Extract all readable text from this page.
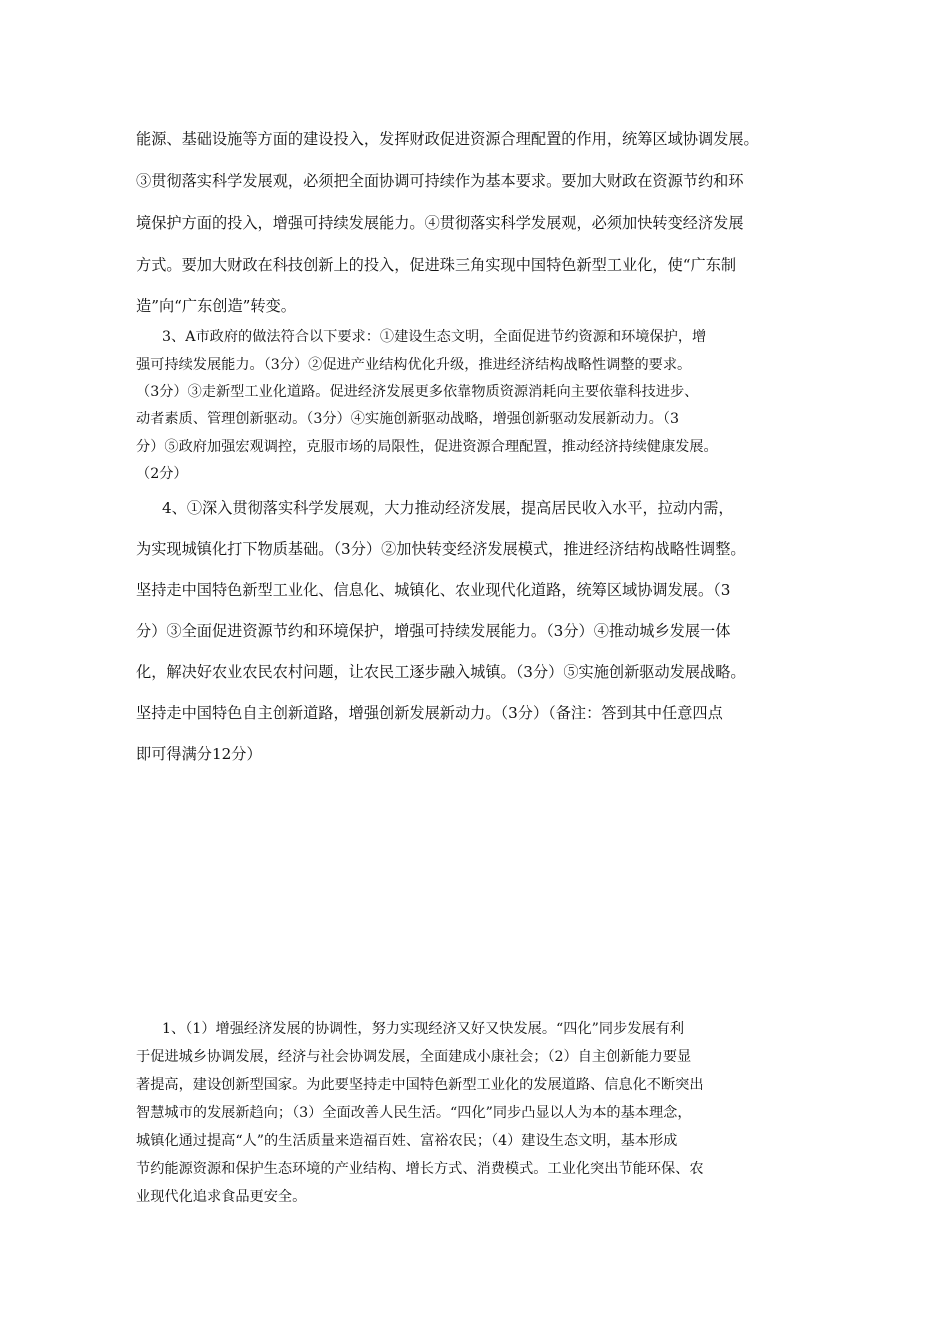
能源、基础设施等方面的建设投入，发挥财政促进资源合理配置的作用，统筹区域协调发展。
③贯彻落实科学发展观，必须把全面协调可持续作为基本要求。要加大财政在资源节约和环
境保护方面的投入，增强可持续发展能力。④贯彻落实科学发展观，必须加快转变经济发展
方式。要加大财政在科技创新上的投入，促进珠三角实现中国特色新型工业化，使“广东制
造”向“广东创造”转变。
3、A市政府的做法符合以下要求：①建设生态文明，全面促进节约资源和环境保护，增
强可持续发展能力。（3分）②促进产业结构优化升级，推进经济结构战略性调整的要求。
（3分）③走新型工业化道路。促进经济发展更多依靠物质资源消耗向主要依靠科技进步、
动者素质、管理创新驱动。（3分）④实施创新驱动战略，增强创新驱动发展新动力。（3
分）⑤政府加强宏观调控，克服市场的局限性，促进资源合理配置，推动经济持续健康发展。
（2分）
4、①深入贯彻落实科学发展观，大力推动经济发展，提高居民收入水平，拉动内需，
为实现城镇化打下物质基础。（3分）②加快转变经济发展模式，推进经济结构战略性调整。
坚持走中国特色新型工业化、信息化、城镇化、农业现代化道路，统筹区域协调发展。（3
分）③全面促进资源节约和环境保护，增强可持续发展能力。（3分）④推动城乡发展一体
化，解决好农业农民农村问题，让农民工逐步融入城镇。（3分）⑤实施创新驱动发展战略。
坚持走中国特色自主创新道路，增强创新发展新动力。（3分）（备注：答到其中任意四点
即可得满分12分）
1、（1）增强经济发展的协调性，努力实现经济又好又快发展。“四化”同步发展有利
于促进城乡协调发展，经济与社会协调发展，全面建成小康社会；（2）自主创新能力要显
著提高，建设创新型国家。为此要坚持走中国特色新型工业化的发展道路、信息化不断突出
智慧城市的发展新趋向；（3）全面改善人民生活。“四化”同步凸显以人为本的基本理念，
城镇化通过提高“人”的生活质量来造福百姓、富裕农民；（4）建设生态文明，基本形成
节约能源资源和保护生态环境的产业结构、增长方式、消费模式。工业化突出节能环保、农
业现代化追求食品更安全。
